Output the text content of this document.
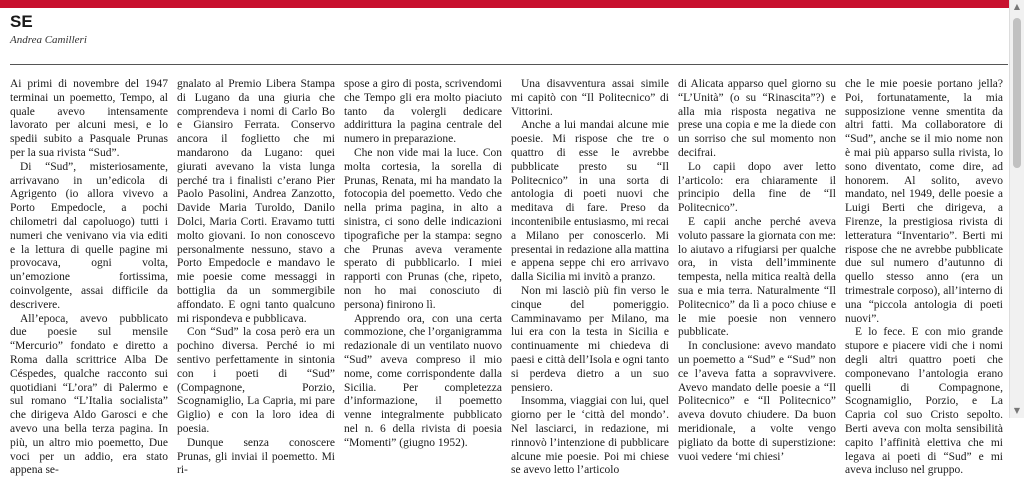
SE
Andrea Camilleri

Ai primi di novembre del 1947 terminai un poemetto, Tempo, al quale avevo intensamente lavorato per alcuni mesi, e lo spedii subito a Pasquale Prunas per la sua rivista “Sud”.

Di “Sud”, misteriosamente, arrivavano in un’edicola di Agrigento (io allora vivevo a Porto Empedocle, a pochi chilometri dal capoluogo) tutti i numeri che venivano via via editi e la lettura di quelle pagine mi provocava, ogni volta, un’emozione fortissima, coinvolgente, assai difficile da descrivere.

All’epoca, avevo pubblicato due poesie sul mensile “Mercurio” fondato e diretto a Roma dalla scrittrice Alba De Céspedes, qualche racconto sui quotidiani “L’ora” di Palermo e sul romano “L’Italia socialista” che dirigeva Aldo Garosci e che avevo una bella terza pagina. In più, un altro mio poemetto, Due voci per un addio, era stato appena se-

gnalato al Premio Libera Stampa di Lugano da una giuria che comprendeva i nomi di Carlo Bo e Giansiro Ferrata. Conservo ancora il foglietto che mi mandarono da Lugano: quei giurati avevano la vista lunga perché tra i finalisti c’erano Pier Paolo Pasolini, Andrea Zanzotto, Davide Maria Turoldo, Danilo Dolci, Maria Corti. Eravamo tutti molto giovani. Io non conoscevo personalmente nessuno, stavo a Porto Empedocle e mandavo le mie poesie come messaggi in bottiglia da un sommergibile affondato. E ogni tanto qualcuno mi rispondeva e pubblicava.

Con “Sud” la cosa però era un pochino diversa. Perché io mi sentivo perfettamente in sintonia con i poeti di “Sud” (Compagnone, Porzio, Scognamiglio, La Capria, mi pare Giglio) e con la loro idea di poesia.

Dunque senza conoscere Prunas, gli inviai il poemetto. Mi ri-

spose a giro di posta, scrivendomi che Tempo gli era molto piaciuto tanto da volergli dedicare addirittura la pagina centrale del numero in preparazione.

Che non vide mai la luce. Con molta cortesia, la sorella di Prunas, Renata, mi ha mandato la fotocopia del poemetto. Vedo che nella prima pagina, in alto a sinistra, ci sono delle indicazioni tipografiche per la stampa: segno che Prunas aveva veramente sperato di pubblicarlo. I miei rapporti con Prunas (che, ripeto, non ho mai conosciuto di persona) finirono lì.

Apprendo ora, con una certa commozione, che l’organigramma redazionale di un ventilato nuovo “Sud” aveva compreso il mio nome, come corrispondente dalla Sicilia. Per completezza d’informazione, il poemetto venne integralmente pubblicato nel n. 6 della rivista di poesia “Momenti” (giugno 1952).

Una disavventura assai simile mi capitò con “Il Politecnico” di Vittorini.

Anche a lui mandai alcune mie poesie. Mi rispose che tre o quattro di esse le avrebbe pubblicate presto su “Il Politecnico” in una sorta di antologia di poeti nuovi che meditava di fare. Preso da incontenibile entusiasmo, mi recai a Milano per conoscerlo. Mi presentai in redazione alla mattina e appena seppe chi ero arrivavo dalla Sicilia mi invitò a pranzo.

Non mi lasciò più fin verso le cinque del pomeriggio. Camminavamo per Milano, ma lui era con la testa in Sicilia e continuamente mi chiedeva di paesi e città dell’Isola e ogni tanto si perdeva dietro a un suo pensiero.

Insomma, viaggiai con lui, quel giorno per le ‘città del mondo’. Nel lasciarci, in redazione, mi rinnovò l’intenzione di pubblicare alcune mie poesie. Poi mi chiese se avevo letto l’articolo

di Alicata apparso quel giorno su “L’Unità” (o su “Rinascita”?) e alla mia risposta negativa ne prese una copia e me la diede con un sorriso che sul momento non decifrai.

Lo capii dopo aver letto l’articolo: era chiaramente il principio della fine de “Il Politecnico”.

E capii anche perché aveva voluto passare la giornata con me: lo aiutavo a rifugiarsi per qualche ora, in vista dell’imminente tempesta, nella mitica realtà della sua e mia terra. Naturalmente “Il Politecnico” da lì a poco chiuse e le mie poesie non vennero pubblicate.

In conclusione: avevo mandato un poemetto a “Sud” e “Sud” non ce l’aveva fatta a sopravvivere. Avevo mandato delle poesie a “Il Politecnico” e “Il Politecnico” aveva dovuto chiudere. Da buon meridionale, a volte vengo pigliato da botte di superstizione: vuoi vedere ‘mi chiesi’

che le mie poesie portano jella? Poi, fortunatamente, la mia supposizione venne smentita da altri fatti. Ma collaboratore di “Sud”, anche se il mio nome non è mai più apparso sulla rivista, lo sono diventato, come dire, ad honorem. Al solito, avevo mandato, nel 1949, delle poesie a Luigi Berti che dirigeva, a Firenze, la prestigiosa rivista di letteratura “Inventario”. Berti mi rispose che ne avrebbe pubblicate due sul numero d’autunno di quello stesso anno (era un trimestrale corposo), all’interno di una “piccola antologia di poeti nuovi”.

E lo fece. E con mio grande stupore e piacere vidi che i nomi degli altri quattro poeti che componevano l’antologia erano quelli di Compagnone, Scognamiglio, Porzio, e La Capria col suo Cristo sepolto. Berti aveva con molta sensibilità capito l’affinità elettiva che mi legava ai poeti di “Sud” e mi aveva incluso nel gruppo.

▲
▼
